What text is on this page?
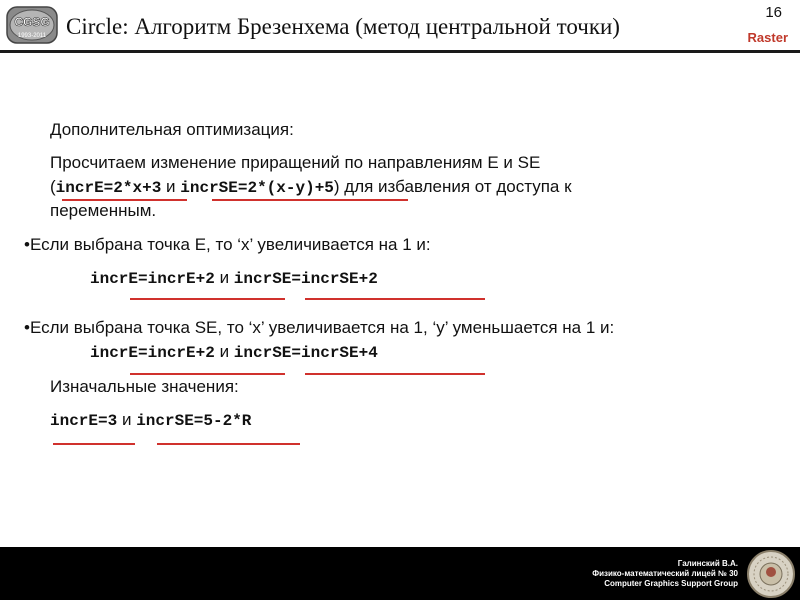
CGSG
1993-2011 Circle: Алгоритм Брезенхема (метод центральной точки)
16
Raster
Дополнительная оптимизация:
Просчитаем изменение приращений по направлениям E и SE
(incrE=2*x+3 и incrSE=2*(x-y)+5) для избавления от доступа к
переменным.
•Если выбрана точка E, то ‘x’ увеличивается на 1 и:
incrE=incrE+2 и incrSE=incrSE+2
•Если выбрана точка SE, то ‘x’ увеличивается на 1, ‘y’ уменьшается на 1 и:
incrE=incrE+2 и incrSE=incrSE+4
Изначальные значения:
incrE=3 и incrSE=5-2*R
Галинский В.А.
Физико-математический лицей № 30
Computer Graphics Support Group
